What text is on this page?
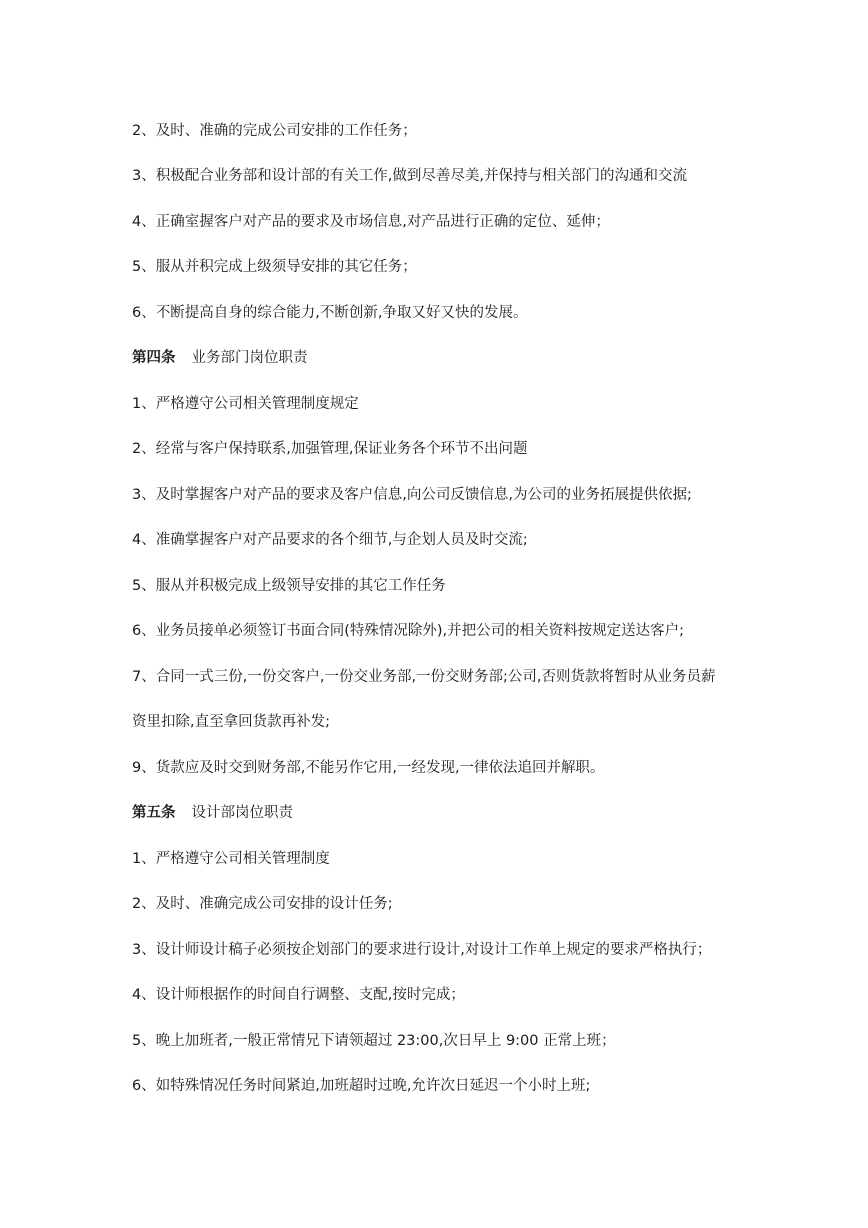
2、及时、准确的完成公司安排的工作任务；
3、积极配合业务部和设计部的有关工作,做到尽善尽美,并保持与相关部门的沟通和交流
4、正确室握客户对产品的要求及市场信息,对产品进行正确的定位、延伸；
5、服从并积完成上级须导安排的其它任务；
6、不断提高自身的综合能力,不断创新,争取又好又快的发展。
第四条 业务部门岗位职责
1、严格遵守公司相关管理制度规定
2、经常与客户保持联系,加强管理,保证业务各个环节不出问题
3、及时掌握客户对产品的要求及客户信息,向公司反馈信息,为公司的业务拓展提供依据;
4、准确掌握客户对产品要求的各个细节,与企划人员及时交流;
5、服从并积极完成上级领导安排的其它工作任务
6、业务员接单必须签订书面合同(特殊情况除外),并把公司的相关资料按规定送达客户;
7、合同一式三份,一份交客户,一份交业务部,一份交财务部;公司,否则货款将暂时从业务员薪
资里扣除,直至拿回货款再补发;
9、货款应及时交到财务部,不能另作它用,一经发现,一律依法追回并解职。
第五条 设计部岗位职责
1、严格遵守公司相关管理制度
2、及时、准确完成公司安排的设计任务;
3、设计师设计稿子必须按企划部门的要求进行设计,对设计工作单上规定的要求严格执行；
4、设计师根据作的时间自行调整、支配,按时完成；
5、晚上加班者,一般正常情兄下请领超过 23:00,次日早上 9:00 正常上班；
6、如特殊情况任务时间紧迫,加班超时过晚,允许次日延迟一个小时上班;
